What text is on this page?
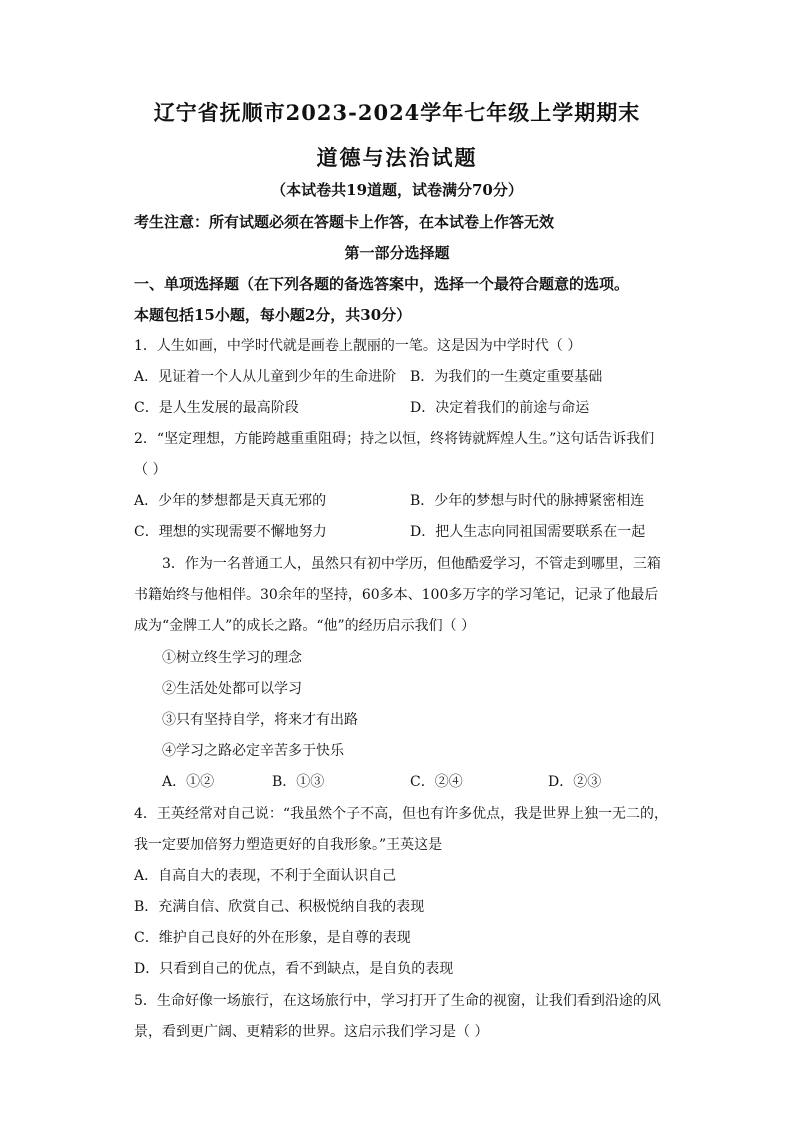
辽宁省抚顺市2023-2024学年七年级上学期期末
道德与法治试题
（本试卷共19道题，试卷满分70分）
考生注意：所有试题必须在答题卡上作答，在本试卷上作答无效
第一部分选择题
一、单项选择题（在下列各题的备选答案中，选择一个最符合题意的选项。
本题包括15小题，每小题2分，共30分）
1．人生如画，中学时代就是画卷上靓丽的一笔。这是因为中学时代（ ）
A．见证着一个人从儿童到少年的生命进阶 B．为我们的一生奠定重要基础
C．是人生发展的最高阶段	D．决定着我们的前途与命运
2．“坚定理想，方能跨越重重阻碍；持之以恒，终将铸就辉煌人生。”这句话告诉我们
（ ）
A．少年的梦想都是天真无邪的	B．少年的梦想与时代的脉搏紧密相连
C．理想的实现需要不懈地努力	D．把人生志向同祖国需要联系在一起
3．作为一名普通工人，虽然只有初中学历，但他酷爱学习，不管走到哪里，三箱
书籍始终与他相伴。30余年的坚持，60多本、100多万字的学习笔记，记录了他最后
成为“金牌工人”的成长之路。“他”的经历启示我们（ ）
①树立终生学习的理念
②生活处处都可以学习
③只有坚持自学，将来才有出路
④学习之路必定辛苦多于快乐
A．①②	B．①③	C．②④	D．②③
4．王英经常对自己说：“我虽然个子不高，但也有许多优点，我是世界上独一无二的，
我一定要加倍努力塑造更好的自我形象。”王英这是
A．自高自大的表现，不利于全面认识自己
B．充满自信、欣赏自己、积极悦纳自我的表现
C．维护自己良好的外在形象，是自尊的表现
D．只看到自己的优点，看不到缺点，是自负的表现
5．生命好像一场旅行，在这场旅行中，学习打开了生命的视窗，让我们看到沿途的风
景，看到更广阔、更精彩的世界。这启示我们学习是（ ）
